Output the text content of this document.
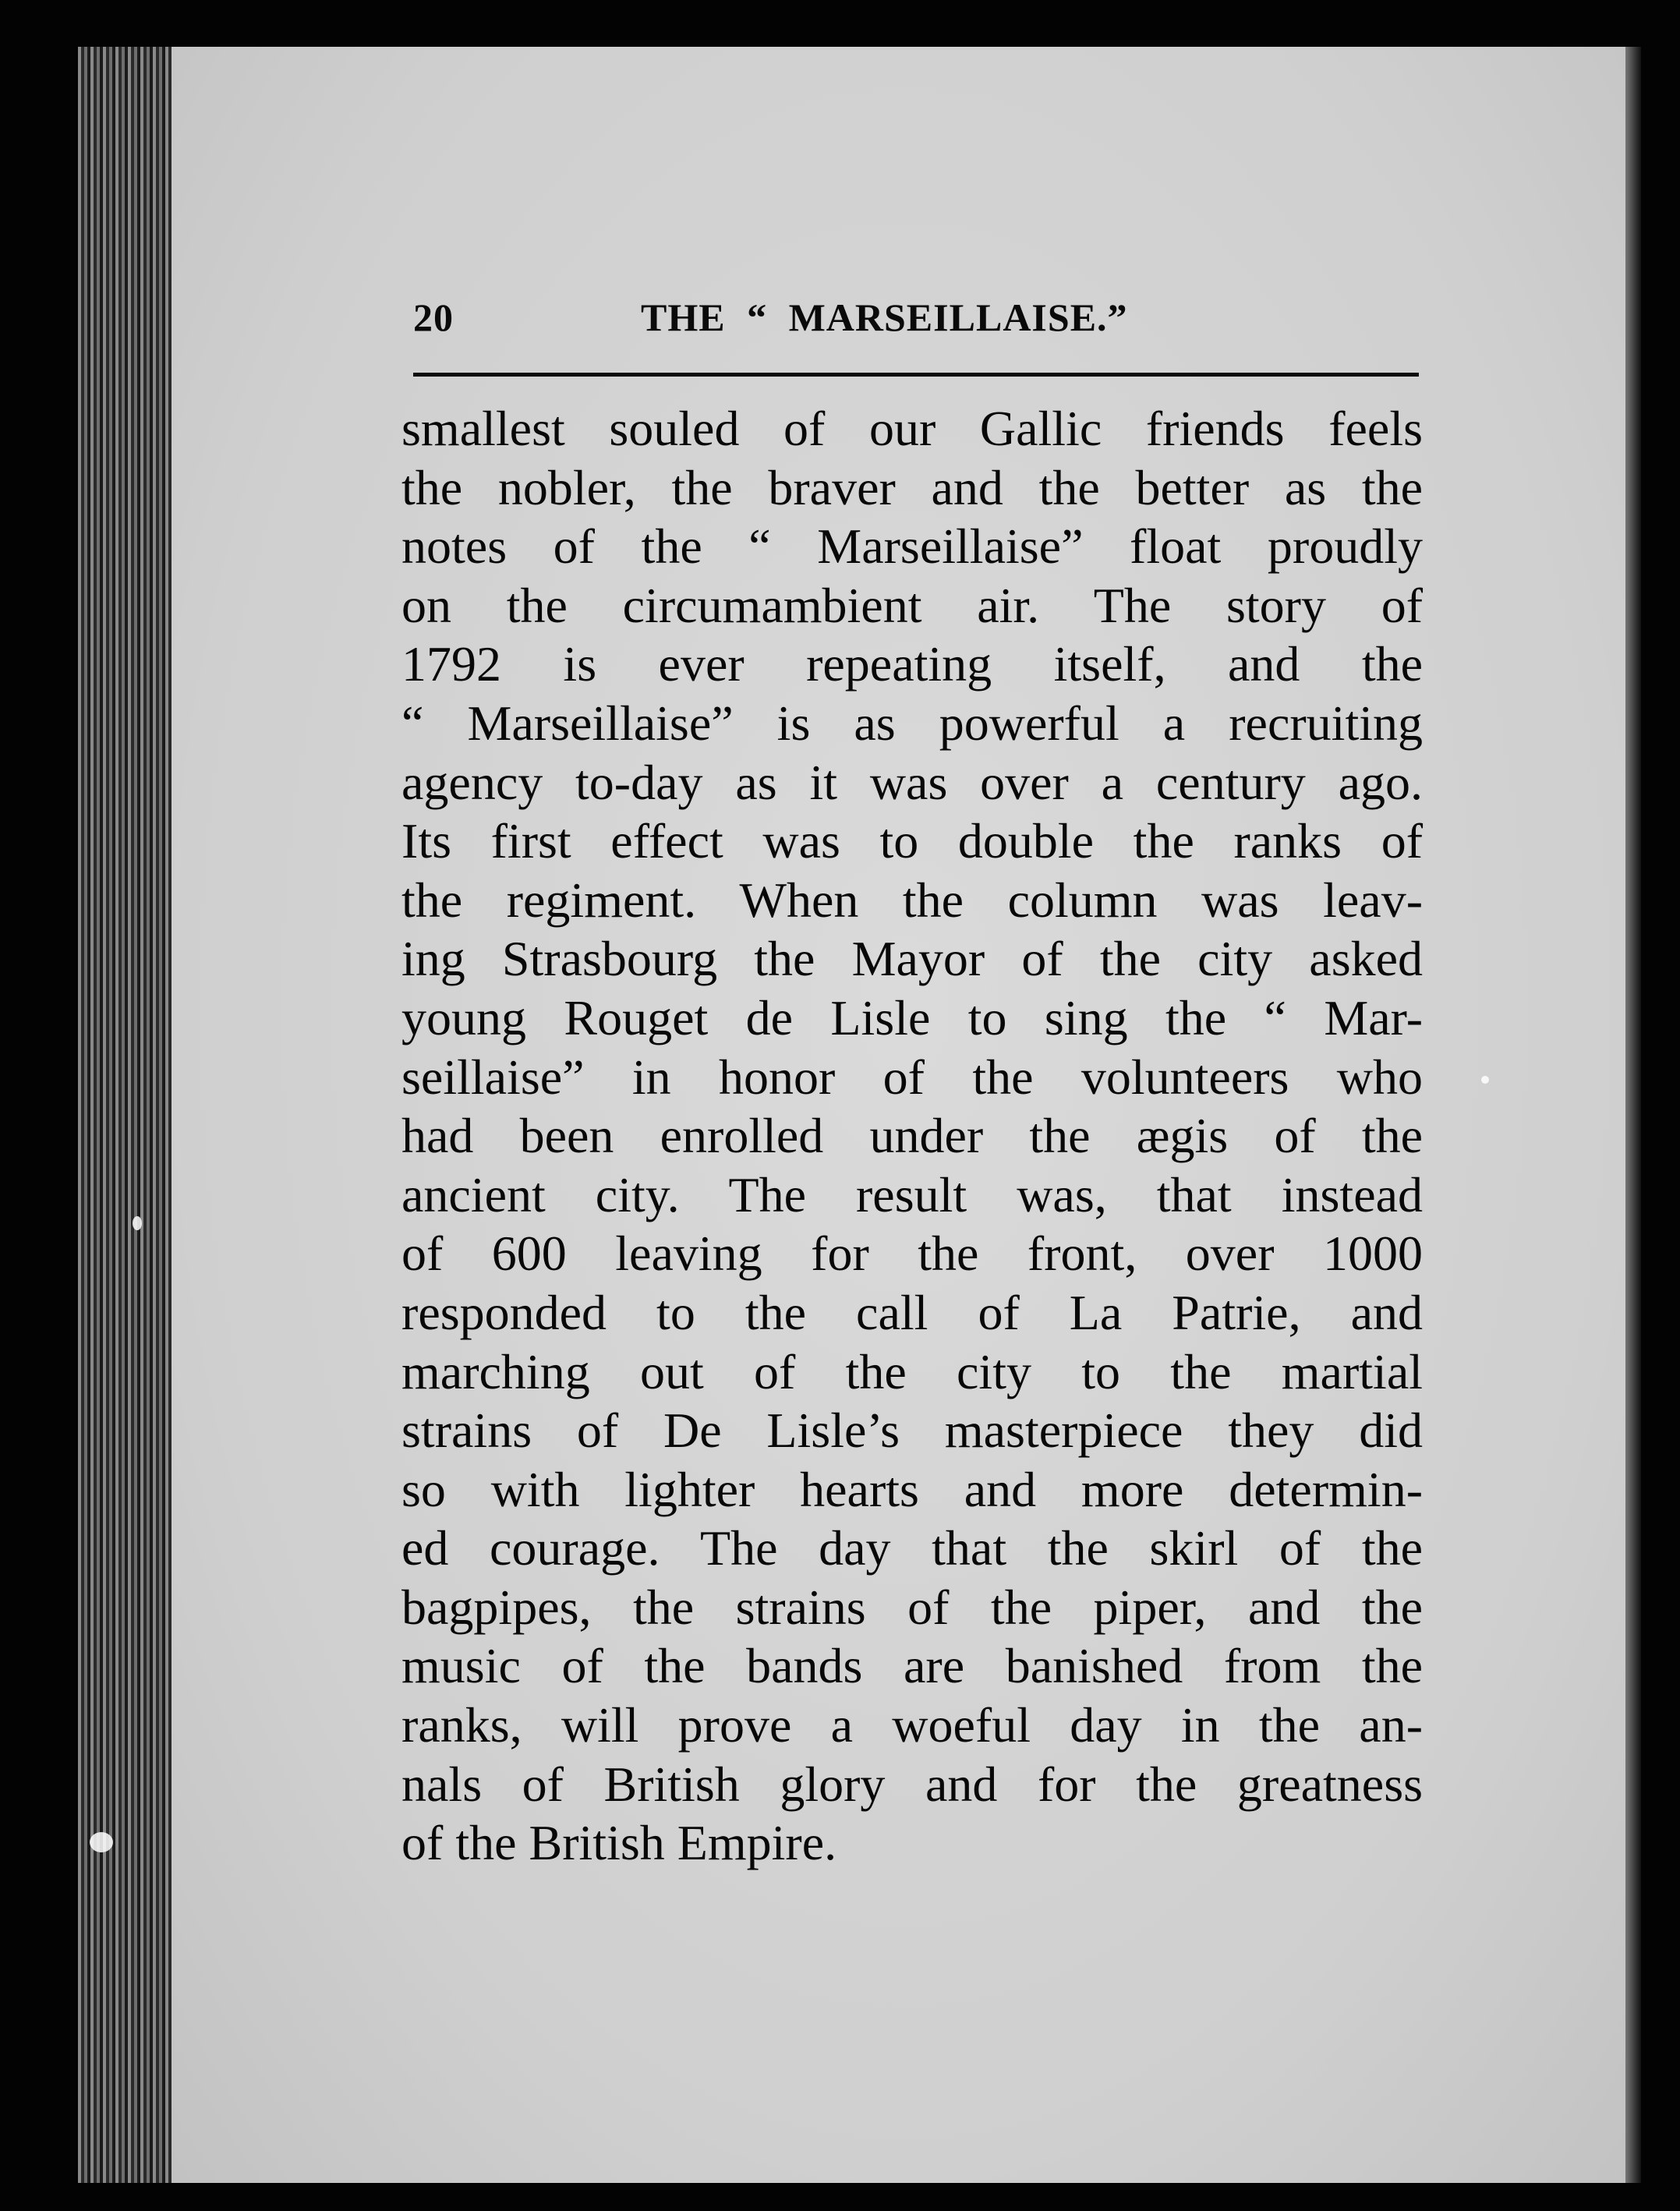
20	THE “ MARSEILLAISE.”
smallest souled of our Gallic friends feels
the nobler, the braver and the better as the
notes of the “ Marseillaise” float proudly
on the circumambient air. The story of
1792 is ever repeating itself, and the
“ Marseillaise” is as powerful a recruiting
agency to-day as it was over a century ago.
Its first effect was to double the ranks of
the regiment. When the column was leav-
ing Strasbourg the Mayor of the city asked
young Rouget de Lisle to sing the “ Mar-
seillaise” in honor of the volunteers who
had been enrolled under the ægis of the
ancient city. The result was, that instead
of 600 leaving for the front, over 1000
responded to the call of La Patrie, and
marching out of the city to the martial
strains of De Lisle’s masterpiece they did
so with lighter hearts and more determin-
ed courage. The day that the skirl of the
bagpipes, the strains of the piper, and the
music of the bands are banished from the
ranks, will prove a woeful day in the an-
nals of British glory and for the greatness
of the British Empire.
